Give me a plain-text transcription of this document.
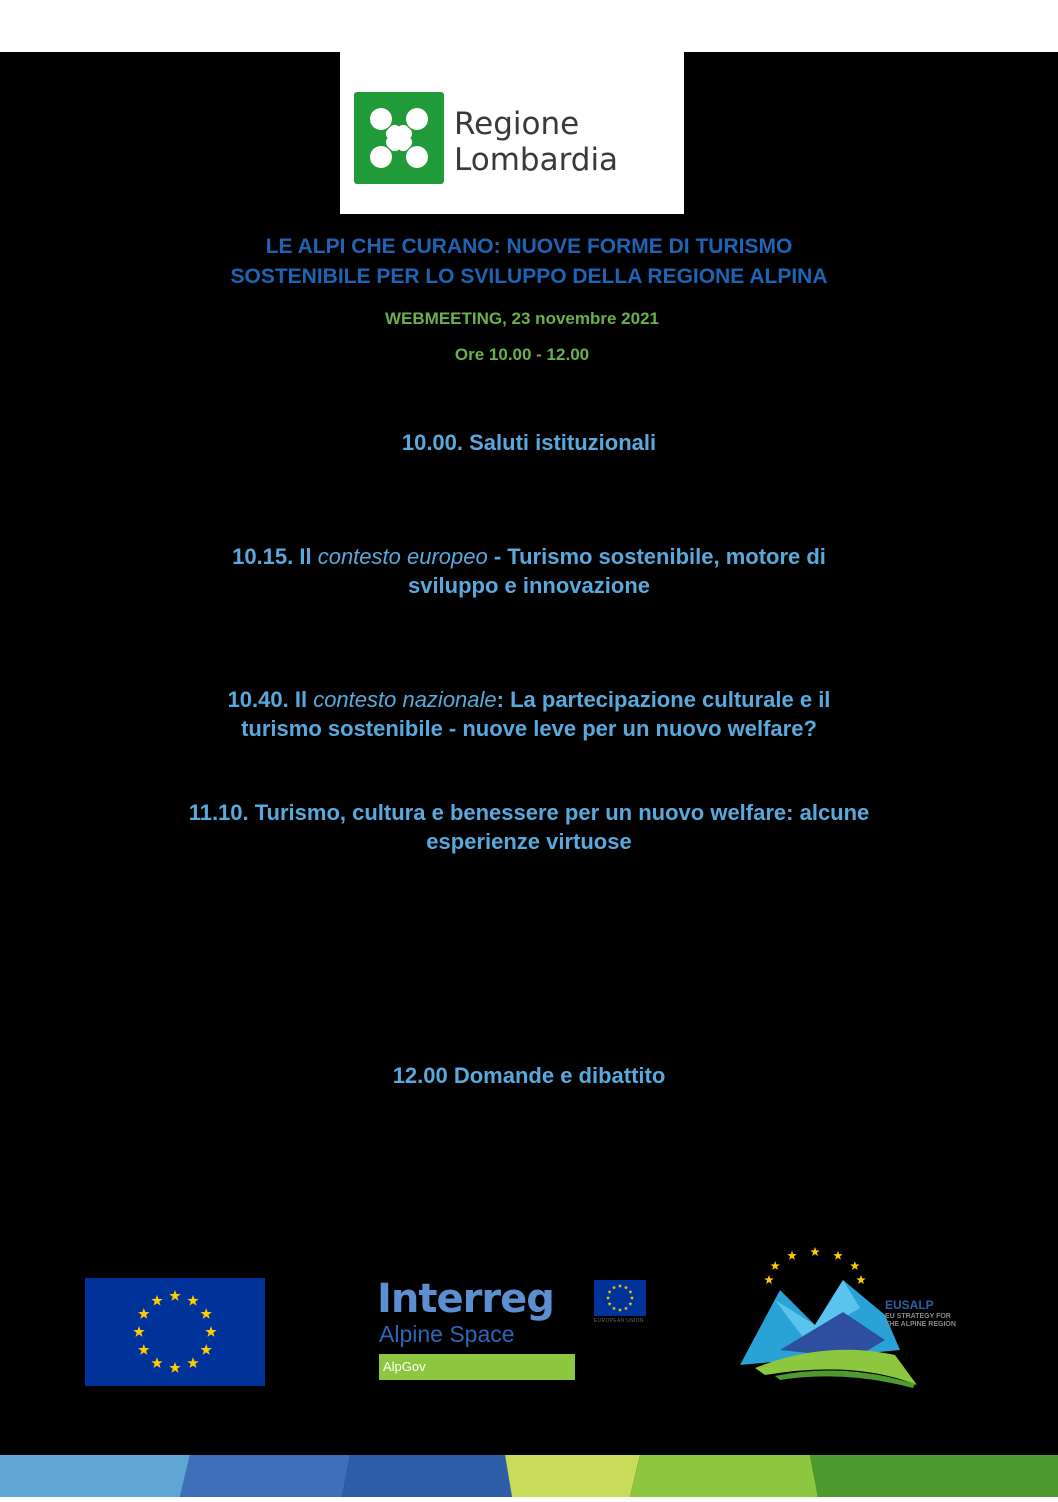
Regione
Lombardia
LE ALPI CHE CURANO: NUOVE FORME DI TURISMO
SOSTENIBILE PER LO SVILUPPO DELLA REGIONE ALPINA
WEBMEETING, 23 novembre 2021
Ore 10.00 - 12.00
10.00. Saluti istituzionali
10.15. Il contesto europeo - Turismo sostenibile, motore di
sviluppo e innovazione
10.40. Il contesto nazionale: La partecipazione culturale e il
turismo sostenibile - nuove leve per un nuovo welfare?
11.10. Turismo, cultura e benessere per un nuovo welfare: alcune
esperienze virtuose
12.00 Domande e dibattito
Interreg
Alpine Space	EUROPEAN UNION
AlpGov
EUSALP
EU STRATEGY FOR
THE ALPINE REGION
